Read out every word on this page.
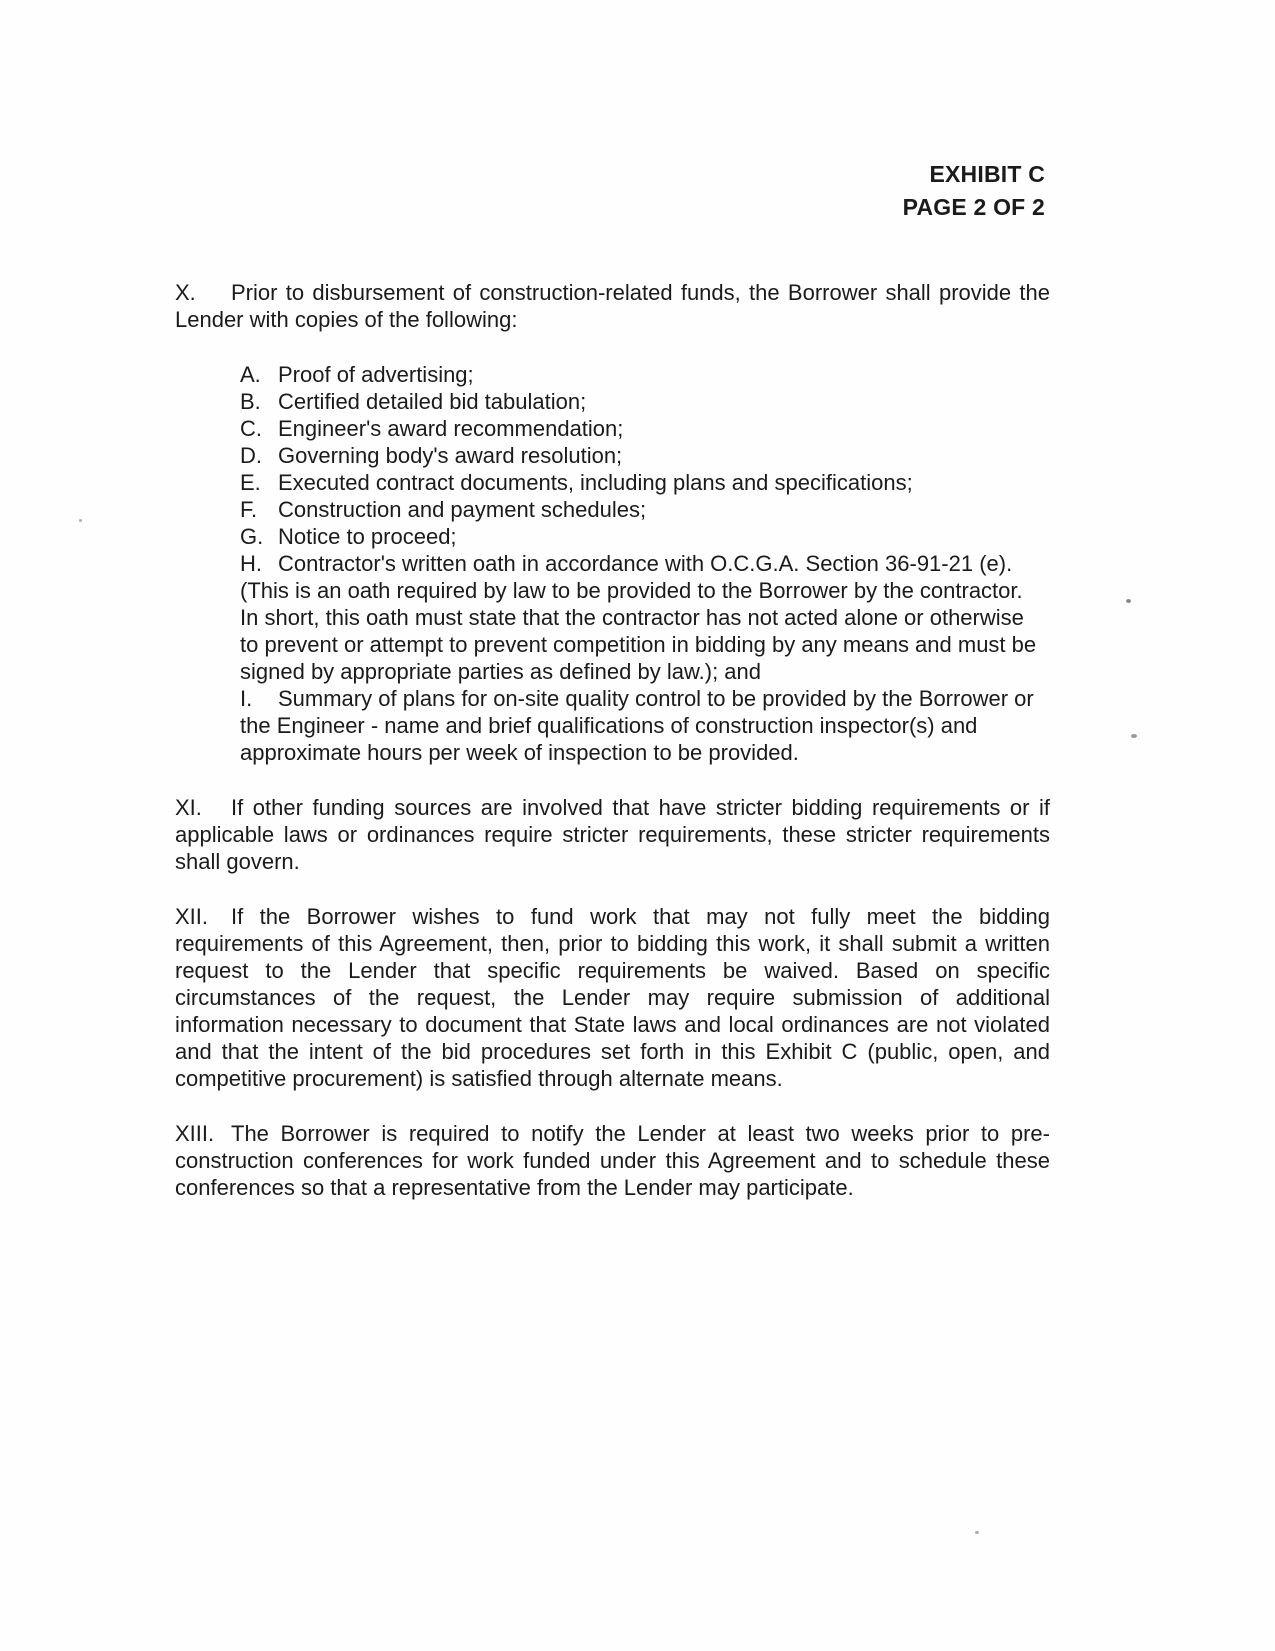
EXHIBIT C
PAGE 2 OF 2

X. Prior to disbursement of construction-related funds, the Borrower shall provide the Lender with copies of the following:

A. Proof of advertising;
B. Certified detailed bid tabulation;
C. Engineer's award recommendation;
D. Governing body's award resolution;
E. Executed contract documents, including plans and specifications;
F. Construction and payment schedules;
G. Notice to proceed;
H. Contractor's written oath in accordance with O.C.G.A. Section 36-91-21 (e). (This is an oath required by law to be provided to the Borrower by the contractor. In short, this oath must state that the contractor has not acted alone or otherwise to prevent or attempt to prevent competition in bidding by any means and must be signed by appropriate parties as defined by law.); and
I. Summary of plans for on-site quality control to be provided by the Borrower or the Engineer - name and brief qualifications of construction inspector(s) and approximate hours per week of inspection to be provided.

XI. If other funding sources are involved that have stricter bidding requirements or if applicable laws or ordinances require stricter requirements, these stricter requirements shall govern.

XII. If the Borrower wishes to fund work that may not fully meet the bidding requirements of this Agreement, then, prior to bidding this work, it shall submit a written request to the Lender that specific requirements be waived. Based on specific circumstances of the request, the Lender may require submission of additional information necessary to document that State laws and local ordinances are not violated and that the intent of the bid procedures set forth in this Exhibit C (public, open, and competitive procurement) is satisfied through alternate means.

XIII. The Borrower is required to notify the Lender at least two weeks prior to pre-construction conferences for work funded under this Agreement and to schedule these conferences so that a representative from the Lender may participate.
